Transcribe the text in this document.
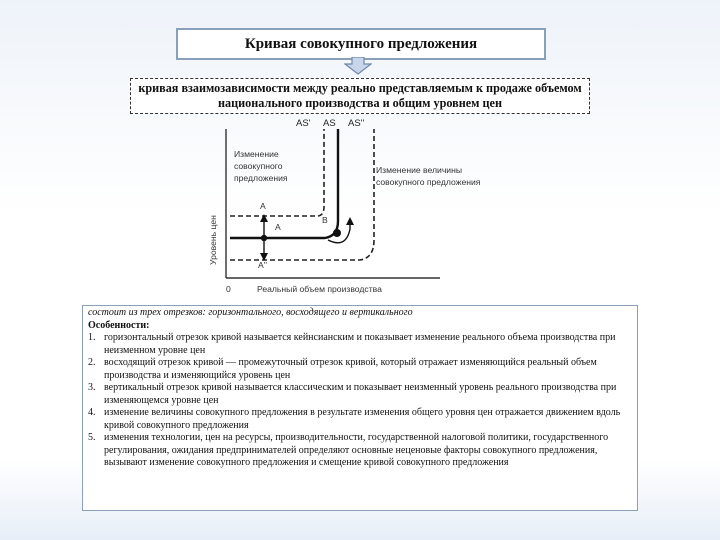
Кривая совокупного предложения
кривая взаимозависимости между реально представляемым к продаже объемом национального производства и общим уровнем цен
AS' AS AS''
Изменение
совокупного
предложения
Изменение величины
совокупного предложения
A
A
B
A''
Уровень цен
0	Реальный объем производства
состоит из трех отрезков: горизонтального, восходящего и вертикального
Особенности:
1. горизонтальный отрезок кривой называется кейнсианским и показывает изменение реального объема производства при неизменном уровне цен
2. восходящий отрезок кривой — промежуточный отрезок кривой, который отражает изменяющийся реальный объем производства и изменяющийся уровень цен
3. вертикальный отрезок кривой называется классическим и показывает неизменный уровень реального производства при изменяющемся уровне цен
4. изменение величины совокупного предложения в результате изменения общего уровня цен отражается движением вдоль кривой совокупного предложения
5. изменения технологии, цен на ресурсы, производительности, государственной налоговой политики, государственного регулирования, ожидания предпринимателей определяют основные неценовые факторы совокупного предложения, вызывают изменение совокупного предложения и смещение кривой совокупного предложения
